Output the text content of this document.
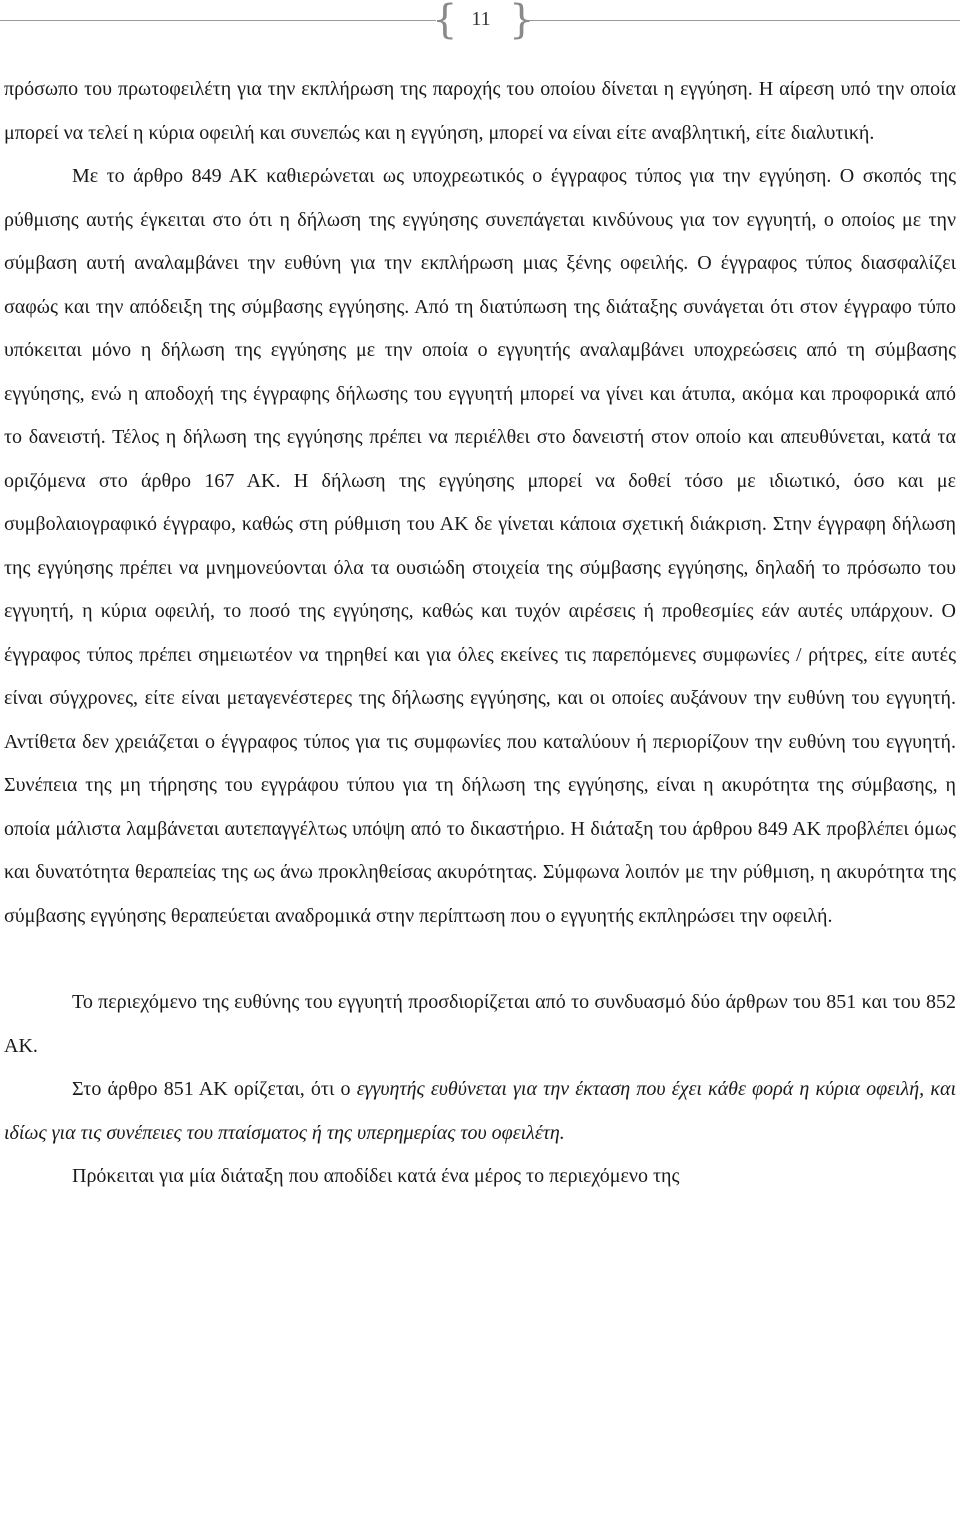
{ 11 }

πρόσωπο του πρωτοφειλέτη για την εκπλήρωση της παροχής του οποίου δίνεται η εγγύηση. Η αίρεση υπό την οποία μπορεί να τελεί η κύρια οφειλή και συνεπώς και η εγγύηση, μπορεί να είναι είτε αναβλητική, είτε διαλυτική.

Με το άρθρο 849 ΑΚ καθιερώνεται ως υποχρεωτικός ο έγγραφος τύπος για την εγγύηση. Ο σκοπός της ρύθμισης αυτής έγκειται στο ότι η δήλωση της εγγύησης συνεπάγεται κινδύνους για τον εγγυητή, ο οποίος με την σύμβαση αυτή αναλαμβάνει την ευθύνη για την εκπλήρωση μιας ξένης οφειλής. Ο έγγραφος τύπος διασφαλίζει σαφώς και την απόδειξη της σύμβασης εγγύησης. Από τη διατύπωση της διάταξης συνάγεται ότι στον έγγραφο τύπο υπόκειται μόνο η δήλωση της εγγύησης με την οποία ο εγγυητής αναλαμβάνει υποχρεώσεις από τη σύμβασης εγγύησης, ενώ η αποδοχή της έγγραφης δήλωσης του εγγυητή μπορεί να γίνει και άτυπα, ακόμα και προφορικά από το δανειστή. Τέλος η δήλωση της εγγύησης πρέπει να περιέλθει στο δανειστή στον οποίο και απευθύνεται, κατά τα οριζόμενα στο άρθρο 167 ΑΚ. Η δήλωση της εγγύησης μπορεί να δοθεί τόσο με ιδιωτικό, όσο και με συμβολαιογραφικό έγγραφο, καθώς στη ρύθμιση του ΑΚ δε γίνεται κάποια σχετική διάκριση. Στην έγγραφη δήλωση της εγγύησης πρέπει να μνημονεύονται όλα τα ουσιώδη στοιχεία της σύμβασης εγγύησης, δηλαδή το πρόσωπο του εγγυητή, η κύρια οφειλή, το ποσό της εγγύησης, καθώς και τυχόν αιρέσεις ή προθεσμίες εάν αυτές υπάρχουν. Ο έγγραφος τύπος πρέπει σημειωτέον να τηρηθεί και για όλες εκείνες τις παρεπόμενες συμφωνίες / ρήτρες, είτε αυτές είναι σύγχρονες, είτε είναι μεταγενέστερες της δήλωσης εγγύησης, και οι οποίες αυξάνουν την ευθύνη του εγγυητή. Αντίθετα δεν χρειάζεται ο έγγραφος τύπος για τις συμφωνίες που καταλύουν ή περιορίζουν την ευθύνη του εγγυητή. Συνέπεια της μη τήρησης του εγγράφου τύπου για τη δήλωση της εγγύησης, είναι η ακυρότητα της σύμβασης, η οποία μάλιστα λαμβάνεται αυτεπαγγέλτως υπόψη από το δικαστήριο. Η διάταξη του άρθρου 849 ΑΚ προβλέπει όμως και δυνατότητα θεραπείας της ως άνω προκληθείσας ακυρότητας. Σύμφωνα λοιπόν με την ρύθμιση, η ακυρότητα της σύμβασης εγγύησης θεραπεύεται αναδρομικά στην περίπτωση που ο εγγυητής εκπληρώσει την οφειλή.

Το περιεχόμενο της ευθύνης του εγγυητή προσδιορίζεται από το συνδυασμό δύο άρθρων του 851 και του 852 ΑΚ.

Στο άρθρο 851 ΑΚ ορίζεται, ότι ο εγγυητής ευθύνεται για την έκταση που έχει κάθε φορά η κύρια οφειλή, και ιδίως για τις συνέπειες του πταίσματος ή της υπερημερίας του οφειλέτη.

Πρόκειται για μία διάταξη που αποδίδει κατά ένα μέρος το περιεχόμενο της
